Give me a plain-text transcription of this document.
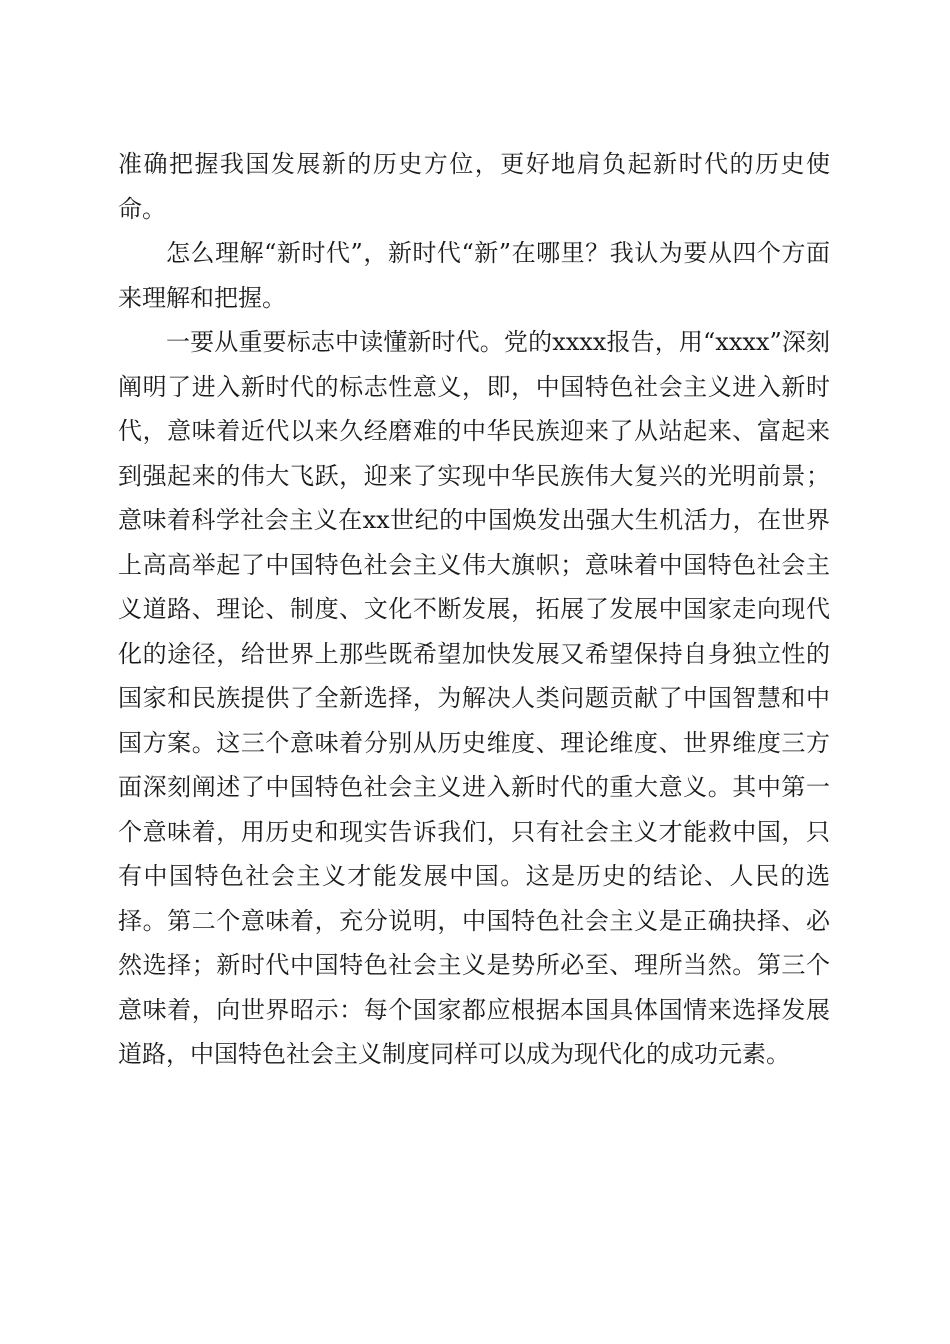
准确把握我国发展新的历史方位，更好地肩负起新时代的历史使命。
怎么理解“新时代”，新时代“新”在哪里？我认为要从四个方面来理解和把握。
一要从重要标志中读懂新时代。党的xxxx报告，用“xxxx”深刻阐明了进入新时代的标志性意义，即，中国特色社会主义进入新时代，意味着近代以来久经磨难的中华民族迎来了从站起来、富起来到强起来的伟大飞跃，迎来了实现中华民族伟大复兴的光明前景；意味着科学社会主义在xx世纪的中国焕发出强大生机活力，在世界上高高举起了中国特色社会主义伟大旗帜；意味着中国特色社会主义道路、理论、制度、文化不断发展，拓展了发展中国家走向现代化的途径，给世界上那些既希望加快发展又希望保持自身独立性的国家和民族提供了全新选择，为解决人类问题贡献了中国智慧和中国方案。这三个意味着分别从历史维度、理论维度、世界维度三方面深刻阐述了中国特色社会主义进入新时代的重大意义。其中第一个意味着，用历史和现实告诉我们，只有社会主义才能救中国，只有中国特色社会主义才能发展中国。这是历史的结论、人民的选择。第二个意味着，充分说明，中国特色社会主义是正确抉择、必然选择；新时代中国特色社会主义是势所必至、理所当然。第三个意味着，向世界昭示：每个国家都应根据本国具体国情来选择发展道路，中国特色社会主义制度同样可以成为现代化的成功元素。
